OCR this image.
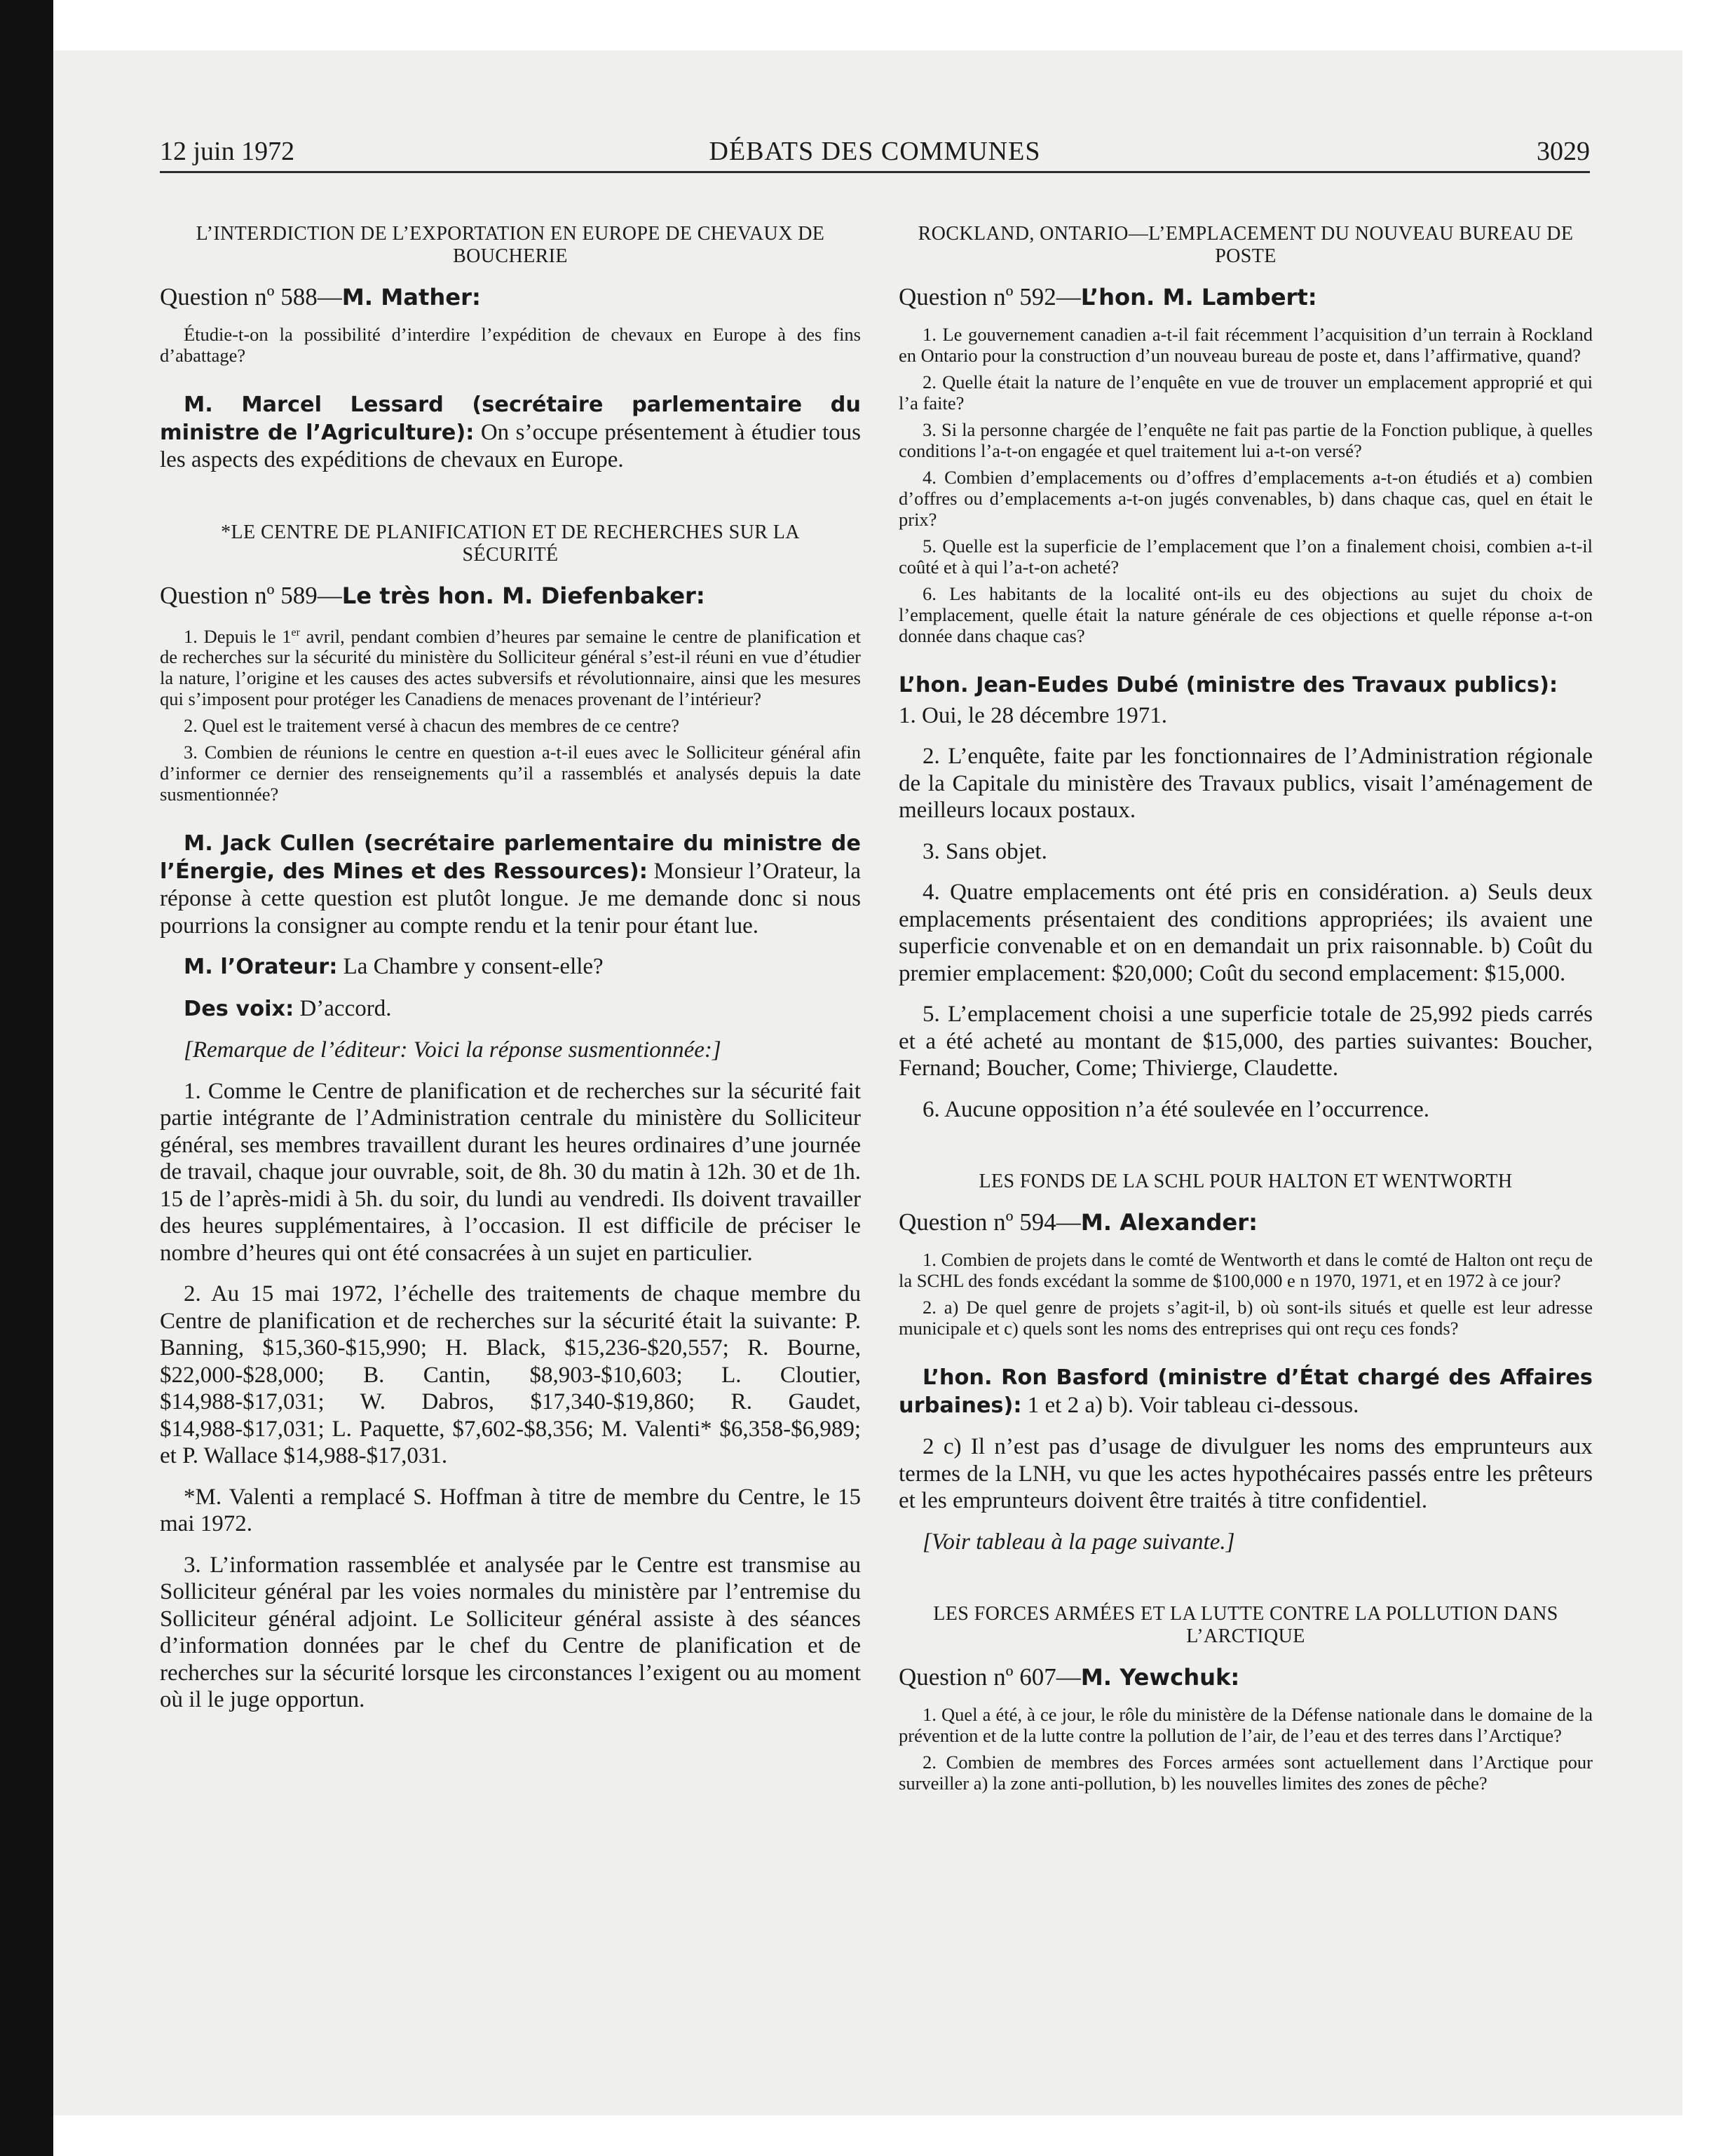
12 juin 1972	DÉBATS DES COMMUNES	3029
L’INTERDICTION DE L’EXPORTATION EN EUROPE DE CHEVAUX DE BOUCHERIE

Question nº 588—M. Mather:

Étudie-t-on la possibilité d’interdire l’expédition de chevaux en Europe à des fins d’abattage?

M. Marcel Lessard (secrétaire parlementaire du ministre de l’Agriculture): On s’occupe présentement à étudier tous les aspects des expéditions de chevaux en Europe.

*LE CENTRE DE PLANIFICATION ET DE RECHERCHES SUR LA SÉCURITÉ

Question nº 589—Le très hon. M. Diefenbaker:

1. Depuis le 1er avril, pendant combien d’heures par semaine le centre de planification et de recherches sur la sécurité du ministère du Solliciteur général s’est-il réuni en vue d’étudier la nature, l’origine et les causes des actes subversifs et révolutionnaire, ainsi que les mesures qui s’imposent pour protéger les Canadiens de menaces provenant de l’intérieur?

2. Quel est le traitement versé à chacun des membres de ce centre?

3. Combien de réunions le centre en question a-t-il eues avec le Solliciteur général afin d’informer ce dernier des renseignements qu’il a rassemblés et analysés depuis la date susmentionnée?

M. Jack Cullen (secrétaire parlementaire du ministre de l’Énergie, des Mines et des Ressources): Monsieur l’Orateur, la réponse à cette question est plutôt longue. Je me demande donc si nous pourrions la consigner au compte rendu et la tenir pour étant lue.

M. l’Orateur: La Chambre y consent-elle?

Des voix: D’accord.

[Remarque de l’éditeur: Voici la réponse susmentionnée:]

1. Comme le Centre de planification et de recherches sur la sécurité fait partie intégrante de l’Administration centrale du ministère du Solliciteur général, ses membres travaillent durant les heures ordinaires d’une journée de travail, chaque jour ouvrable, soit, de 8h. 30 du matin à 12h. 30 et de 1h. 15 de l’après-midi à 5h. du soir, du lundi au vendredi. Ils doivent travailler des heures supplémentaires, à l’occasion. Il est difficile de préciser le nombre d’heures qui ont été consacrées à un sujet en particulier.

2. Au 15 mai 1972, l’échelle des traitements de chaque membre du Centre de planification et de recherches sur la sécurité était la suivante: P. Banning, $15,360-$15,990; H. Black, $15,236-$20,557; R. Bourne, $22,000-$28,000; B. Cantin, $8,903-$10,603; L. Cloutier, $14,988-$17,031; W. Dabros, $17,340-$19,860; R. Gaudet, $14,988-$17,031; L. Paquette, $7,602-$8,356; M. Valenti* $6,358-$6,989; et P. Wallace $14,988-$17,031.

*M. Valenti a remplacé S. Hoffman à titre de membre du Centre, le 15 mai 1972.

3. L’information rassemblée et analysée par le Centre est transmise au Solliciteur général par les voies normales du ministère par l’entremise du Solliciteur général adjoint. Le Solliciteur général assiste à des séances d’information données par le chef du Centre de planification et de recherches sur la sécurité lorsque les circonstances l’exigent ou au moment où il le juge opportun.

ROCKLAND, ONTARIO—L’EMPLACEMENT DU NOUVEAU BUREAU DE POSTE

Question nº 592—L’hon. M. Lambert:

1. Le gouvernement canadien a-t-il fait récemment l’acquisition d’un terrain à Rockland en Ontario pour la construction d’un nouveau bureau de poste et, dans l’affirmative, quand?

2. Quelle était la nature de l’enquête en vue de trouver un emplacement approprié et qui l’a faite?

3. Si la personne chargée de l’enquête ne fait pas partie de la Fonction publique, à quelles conditions l’a-t-on engagée et quel traitement lui a-t-on versé?

4. Combien d’emplacements ou d’offres d’emplacements a-t-on étudiés et a) combien d’offres ou d’emplacements a-t-on jugés convenables, b) dans chaque cas, quel en était le prix?

5. Quelle est la superficie de l’emplacement que l’on a finalement choisi, combien a-t-il coûté et à qui l’a-t-on acheté?

6. Les habitants de la localité ont-ils eu des objections au sujet du choix de l’emplacement, quelle était la nature générale de ces objections et quelle réponse a-t-on donnée dans chaque cas?

L’hon. Jean-Eudes Dubé (ministre des Travaux publics):

1. Oui, le 28 décembre 1971.

2. L’enquête, faite par les fonctionnaires de l’Administration régionale de la Capitale du ministère des Travaux publics, visait l’aménagement de meilleurs locaux postaux.

3. Sans objet.

4. Quatre emplacements ont été pris en considération. a) Seuls deux emplacements présentaient des conditions appropriées; ils avaient une superficie convenable et on en demandait un prix raisonnable. b) Coût du premier emplacement: $20,000; Coût du second emplacement: $15,000.

5. L’emplacement choisi a une superficie totale de 25,992 pieds carrés et a été acheté au montant de $15,000, des parties suivantes: Boucher, Fernand; Boucher, Come; Thivierge, Claudette.

6. Aucune opposition n’a été soulevée en l’occurrence.

LES FONDS DE LA SCHL POUR HALTON ET WENTWORTH

Question nº 594—M. Alexander:

1. Combien de projets dans le comté de Wentworth et dans le comté de Halton ont reçu de la SCHL des fonds excédant la somme de $100,000 e n 1970, 1971, et en 1972 à ce jour?

2. a) De quel genre de projets s’agit-il, b) où sont-ils situés et quelle est leur adresse municipale et c) quels sont les noms des entreprises qui ont reçu ces fonds?

L’hon. Ron Basford (ministre d’État chargé des Affaires urbaines): 1 et 2 a) b). Voir tableau ci-dessous.

2 c) Il n’est pas d’usage de divulguer les noms des emprunteurs aux termes de la LNH, vu que les actes hypothécaires passés entre les prêteurs et les emprunteurs doivent être traités à titre confidentiel.

[Voir tableau à la page suivante.]

LES FORCES ARMÉES ET LA LUTTE CONTRE LA POLLUTION DANS L’ARCTIQUE

Question nº 607—M. Yewchuk:

1. Quel a été, à ce jour, le rôle du ministère de la Défense nationale dans le domaine de la prévention et de la lutte contre la pollution de l’air, de l’eau et des terres dans l’Arctique?

2. Combien de membres des Forces armées sont actuellement dans l’Arctique pour surveiller a) la zone anti-pollution, b) les nouvelles limites des zones de pêche?
